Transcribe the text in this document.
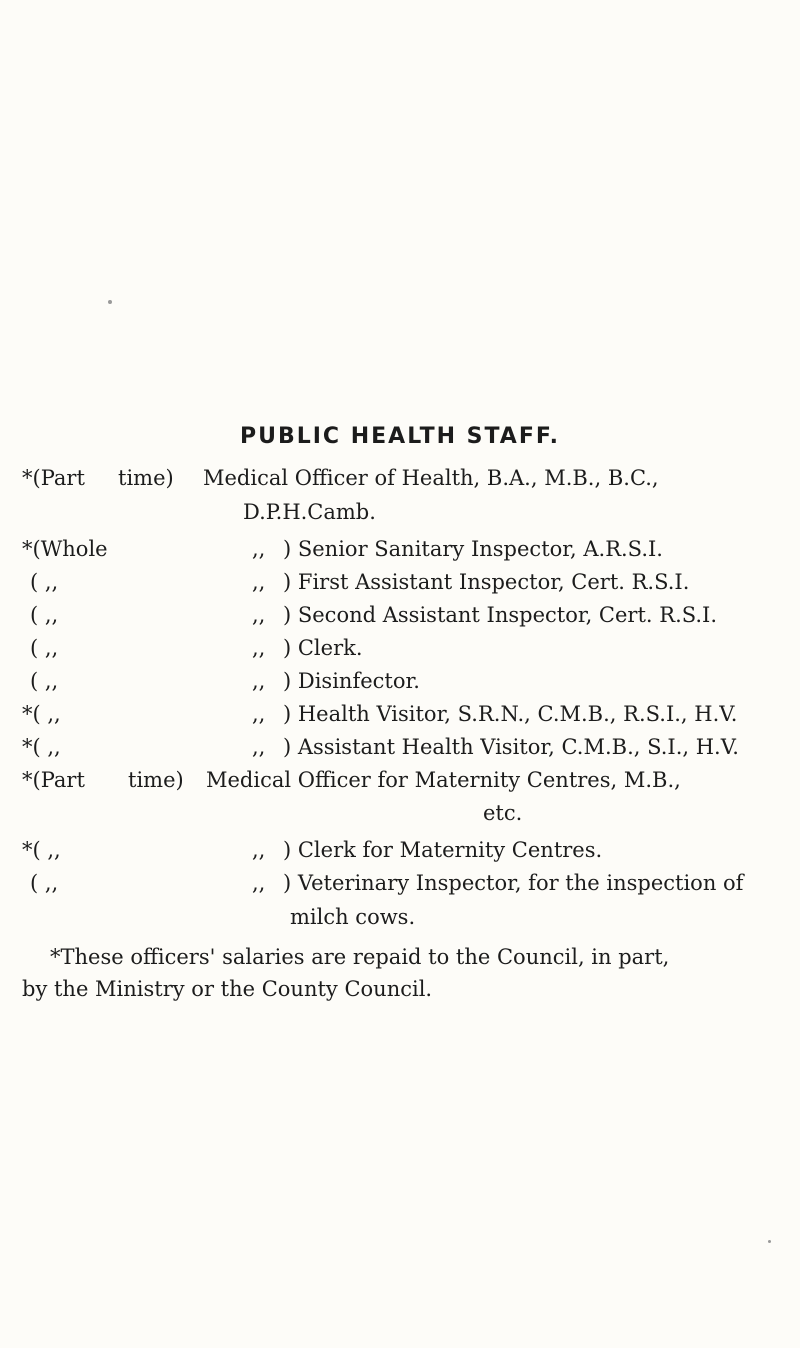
PUBLIC HEALTH STAFF.
*(Part time) Medical Officer of Health, B.A., M.B., B.C.,
D.P.H.Camb.
*(Whole	,, ) Senior Sanitary Inspector, A.R.S.I.
( ,,	,, ) First Assistant Inspector, Cert. R.S.I.
( ,,	,, ) Second Assistant Inspector, Cert. R.S.I.
( ,,	,, ) Clerk.
( ,,	,, ) Disinfector.
*( ,,	,, ) Health Visitor, S.R.N., C.M.B., R.S.I., H.V.
*( ,,	,, ) Assistant Health Visitor, C.M.B., S.I., H.V.
*(Part time) Medical Officer for Maternity Centres, M.B.,
etc.
*( ,,	,, ) Clerk for Maternity Centres.
( ,,	,, ) Veterinary Inspector, for the inspection of
milch cows.
*These officers' salaries are repaid to the Council, in part,
by the Ministry or the County Council.
